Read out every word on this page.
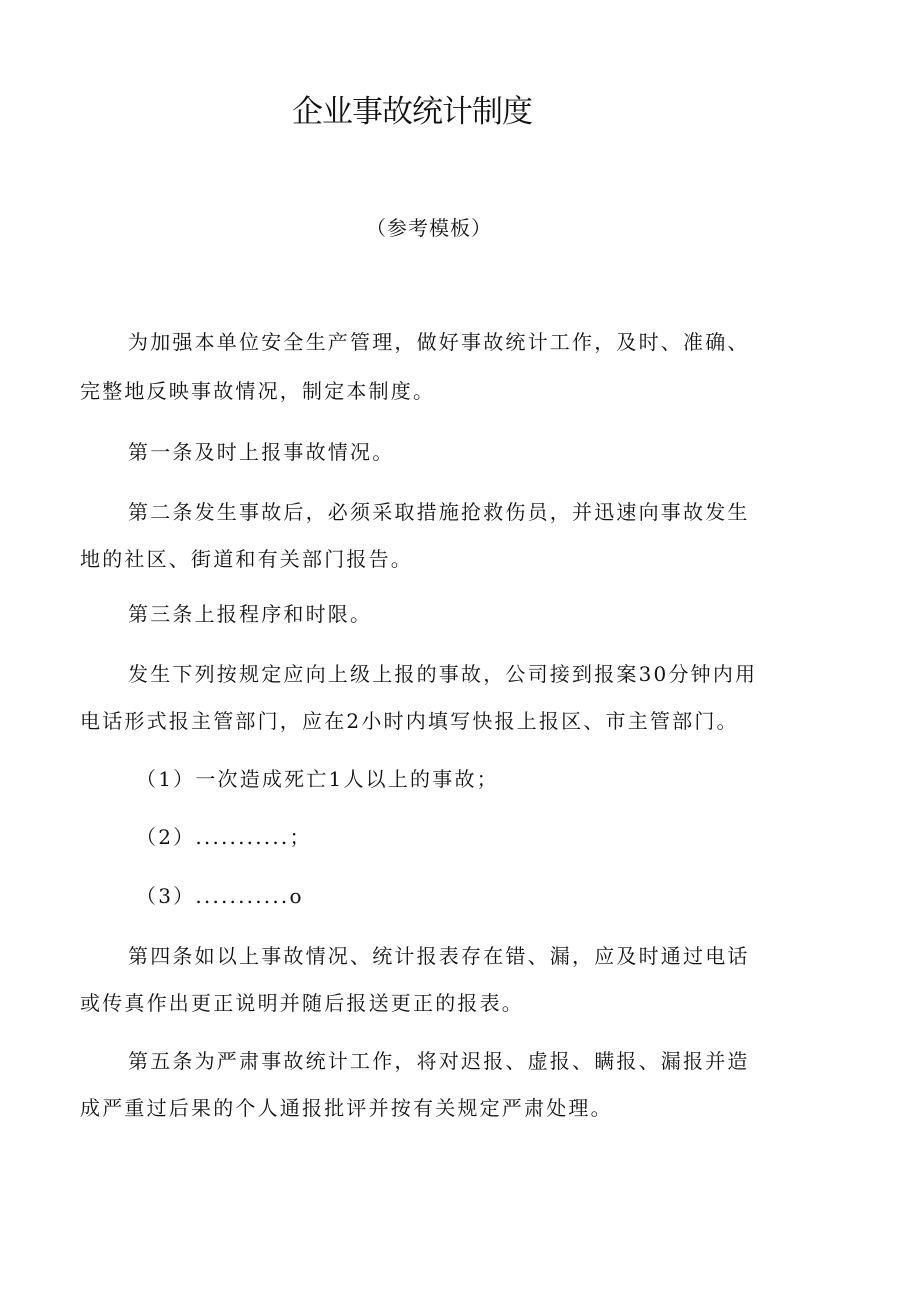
企业事故统计制度
（参考模板）
为加强本单位安全生产管理，做好事故统计工作，及时、准确、
完整地反映事故情况，制定本制度。
第一条及时上报事故情况。
第二条发生事故后，必须采取措施抢救伤员，并迅速向事故发生
地的社区、街道和有关部门报告。
第三条上报程序和时限。
发生下列按规定应向上级上报的事故，公司接到报案30分钟内用
电话形式报主管部门，应在2小时内填写快报上报区、市主管部门。
（1）一次造成死亡1人以上的事故；
（2）...........；
（3）...........o
第四条如以上事故情况、统计报表存在错、漏，应及时通过电话
或传真作出更正说明并随后报送更正的报表。
第五条为严肃事故统计工作，将对迟报、虚报、瞒报、漏报并造
成严重过后果的个人通报批评并按有关规定严肃处理。
